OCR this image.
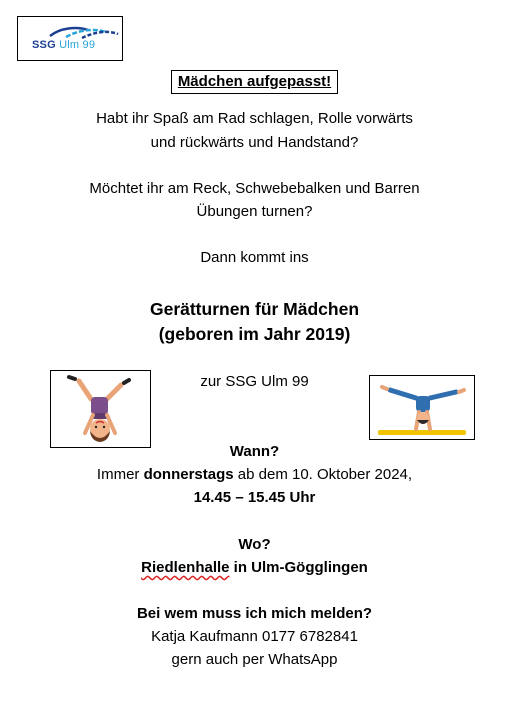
SSG Ulm 99
Mädchen aufgepasst!
Habt ihr Spaß am Rad schlagen, Rolle vorwärts
und rückwärts und Handstand?
Möchtet ihr am Reck, Schwebebalken und Barren
Übungen turnen?
Dann kommt ins
Gerätturnen für Mädchen
(geboren im Jahr 2019)
zur SSG Ulm 99
Wann?
Immer donnerstags ab dem 10. Oktober 2024,
14.45 – 15.45 Uhr
Wo?
Riedlenhalle in Ulm-Gögglingen
Bei wem muss ich mich melden?
Katja Kaufmann 0177 6782841
gern auch per WhatsApp
